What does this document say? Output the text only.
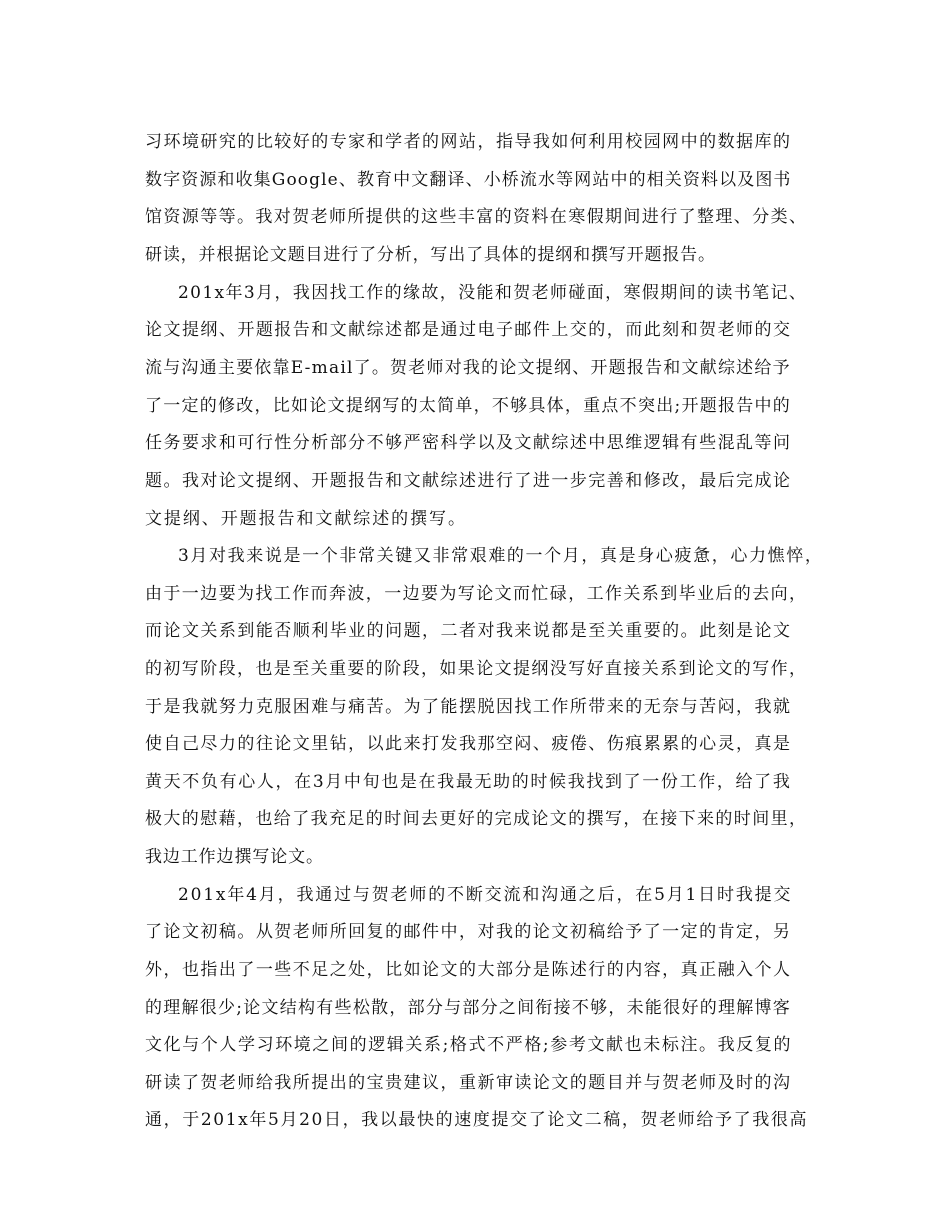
习环境研究的比较好的专家和学者的网站，指导我如何利用校园网中的数据库的
数字资源和收集Google、教育中文翻译、小桥流水等网站中的相关资料以及图书
馆资源等等。我对贺老师所提供的这些丰富的资料在寒假期间进行了整理、分类、
研读，并根据论文题目进行了分析，写出了具体的提纲和撰写开题报告。
201x年3月，我因找工作的缘故，没能和贺老师碰面，寒假期间的读书笔记、
论文提纲、开题报告和文献综述都是通过电子邮件上交的，而此刻和贺老师的交
流与沟通主要依靠E-mail了。贺老师对我的论文提纲、开题报告和文献综述给予
了一定的修改，比如论文提纲写的太简单，不够具体，重点不突出;开题报告中的
任务要求和可行性分析部分不够严密科学以及文献综述中思维逻辑有些混乱等问
题。我对论文提纲、开题报告和文献综述进行了进一步完善和修改，最后完成论
文提纲、开题报告和文献综述的撰写。
3月对我来说是一个非常关键又非常艰难的一个月，真是身心疲惫，心力憔悴，
由于一边要为找工作而奔波，一边要为写论文而忙碌，工作关系到毕业后的去向，
而论文关系到能否顺利毕业的问题，二者对我来说都是至关重要的。此刻是论文
的初写阶段，也是至关重要的阶段，如果论文提纲没写好直接关系到论文的写作，
于是我就努力克服困难与痛苦。为了能摆脱因找工作所带来的无奈与苦闷，我就
使自己尽力的往论文里钻，以此来打发我那空闷、疲倦、伤痕累累的心灵，真是
黄天不负有心人，在3月中旬也是在我最无助的时候我找到了一份工作，给了我
极大的慰藉，也给了我充足的时间去更好的完成论文的撰写，在接下来的时间里，
我边工作边撰写论文。
201x年4月，我通过与贺老师的不断交流和沟通之后，在5月1日时我提交
了论文初稿。从贺老师所回复的邮件中，对我的论文初稿给予了一定的肯定，另
外，也指出了一些不足之处，比如论文的大部分是陈述行的内容，真正融入个人
的理解很少;论文结构有些松散，部分与部分之间衔接不够，未能很好的理解博客
文化与个人学习环境之间的逻辑关系;格式不严格;参考文献也未标注。我反复的
研读了贺老师给我所提出的宝贵建议，重新审读论文的题目并与贺老师及时的沟
通，于201x年5月20日，我以最快的速度提交了论文二稿，贺老师给予了我很高
